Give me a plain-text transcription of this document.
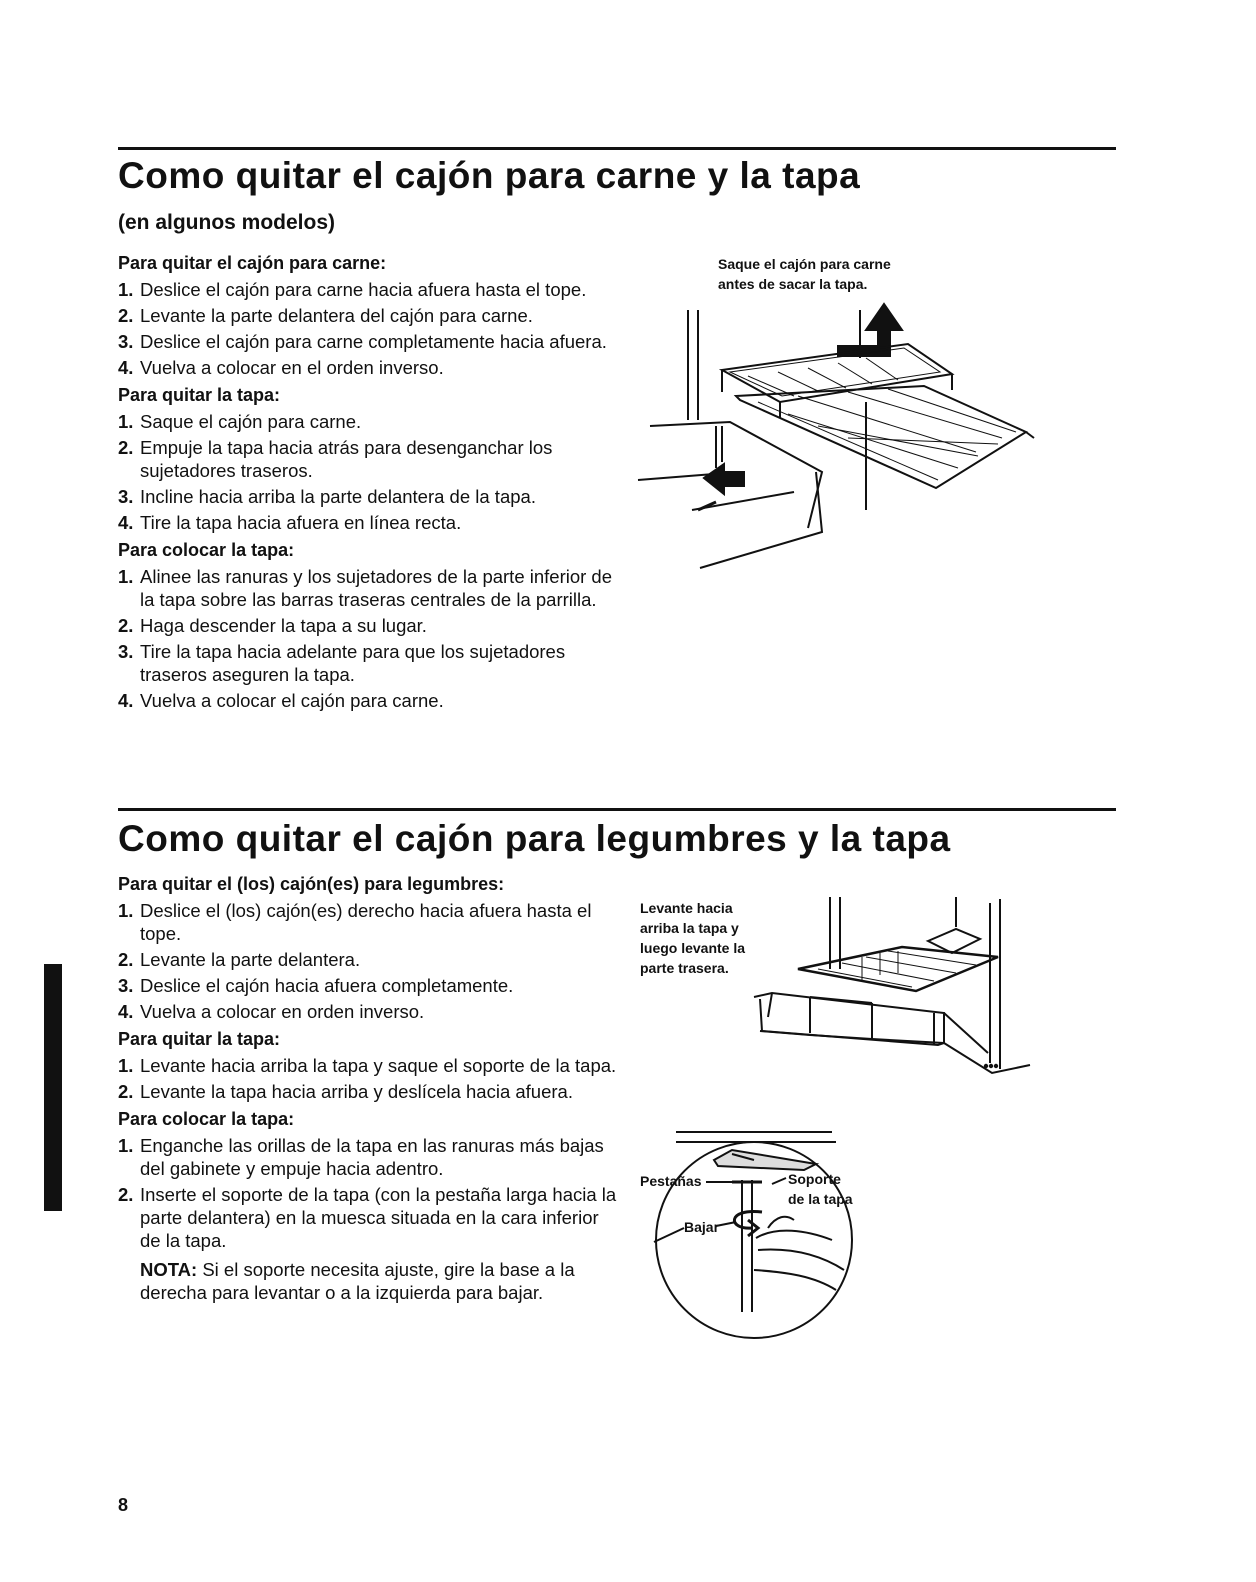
Como quitar el cajón para carne y la tapa
(en algunos modelos)
Para quitar el cajón para carne:
1. Deslice el cajón para carne hacia afuera hasta el tope.
2. Levante la parte delantera del cajón para carne.
3. Deslice el cajón para carne completamente hacia afuera.
4. Vuelva a colocar en el orden inverso.
Para quitar la tapa:
1. Saque el cajón para carne.
2. Empuje la tapa hacia atrás para desenganchar los sujetadores traseros.
3. Incline hacia arriba la parte delantera de la tapa.
4. Tire la tapa hacia afuera en línea recta.
Para colocar la tapa:
1. Alinee las ranuras y los sujetadores de la parte inferior de la tapa sobre las barras traseras centrales de la parrilla.
2. Haga descender la tapa a su lugar.
3. Tire la tapa hacia adelante para que los sujetadores traseros aseguren la tapa.
4. Vuelva a colocar el cajón para carne.
Saque el cajón para carne
antes de sacar la tapa.
Como quitar el cajón para legumbres y la tapa
Para quitar el (los) cajón(es) para legumbres:
1. Deslice el (los) cajón(es) derecho hacia afuera hasta el tope.
2. Levante la parte delantera.
3. Deslice el cajón hacia afuera completamente.
4. Vuelva a colocar en orden inverso.
Para quitar la tapa:
1. Levante hacia arriba la tapa y saque el soporte de la tapa.
2. Levante la tapa hacia arriba y deslícela hacia afuera.
Para colocar la tapa:
1. Enganche las orillas de la tapa en las ranuras más bajas del gabinete y empuje hacia adentro.
2. Inserte el soporte de la tapa (con la pestaña larga hacia la parte delantera) en la muesca situada en la cara inferior de la tapa.
NOTA: Si el soporte necesita ajuste, gire la base a la derecha para levantar o a la izquierda para bajar.
Levante hacia
arriba la tapa y
luego levante la
parte trasera.
Pestañas	Soporte
de la tapa
Bajar
8
